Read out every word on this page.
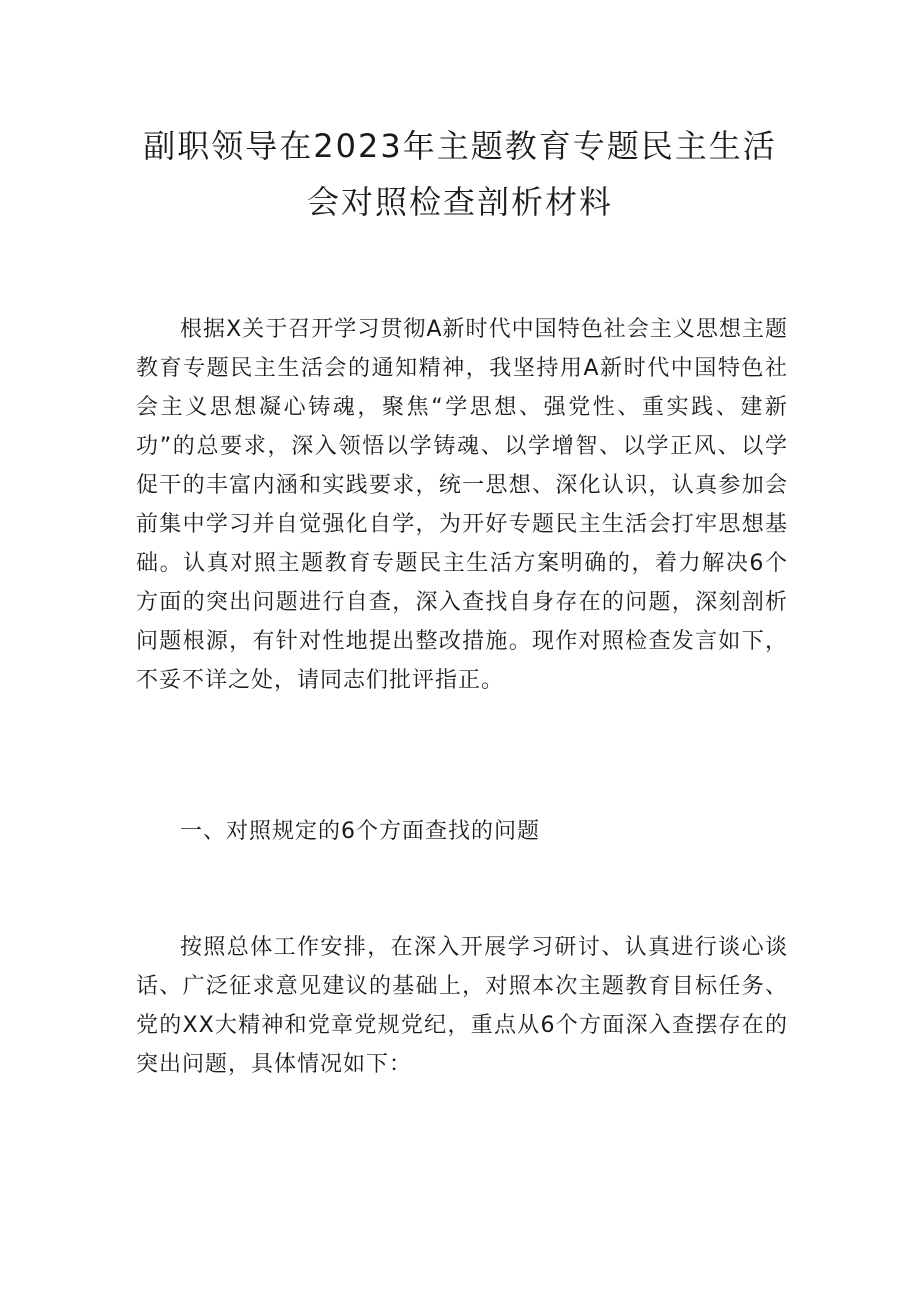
副职领导在2023年主题教育专题民主生活
会对照检查剖析材料

根据X关于召开学习贯彻A新时代中国特色社会主义思想主题教育专题民主生活会的通知精神，我坚持用A新时代中国特色社会主义思想凝心铸魂，聚焦“学思想、强党性、重实践、建新功”的总要求，深入领悟以学铸魂、以学增智、以学正风、以学促干的丰富内涵和实践要求，统一思想、深化认识，认真参加会前集中学习并自觉强化自学，为开好专题民主生活会打牢思想基础。认真对照主题教育专题民主生活方案明确的，着力解决6个方面的突出问题进行自查，深入查找自身存在的问题，深刻剖析问题根源，有针对性地提出整改措施。现作对照检查发言如下，不妥不详之处，请同志们批评指正。

一、对照规定的6个方面查找的问题

按照总体工作安排，在深入开展学习研讨、认真进行谈心谈话、广泛征求意见建议的基础上，对照本次主题教育目标任务、党的XX大精神和党章党规党纪，重点从6个方面深入查摆存在的突出问题，具体情况如下：
